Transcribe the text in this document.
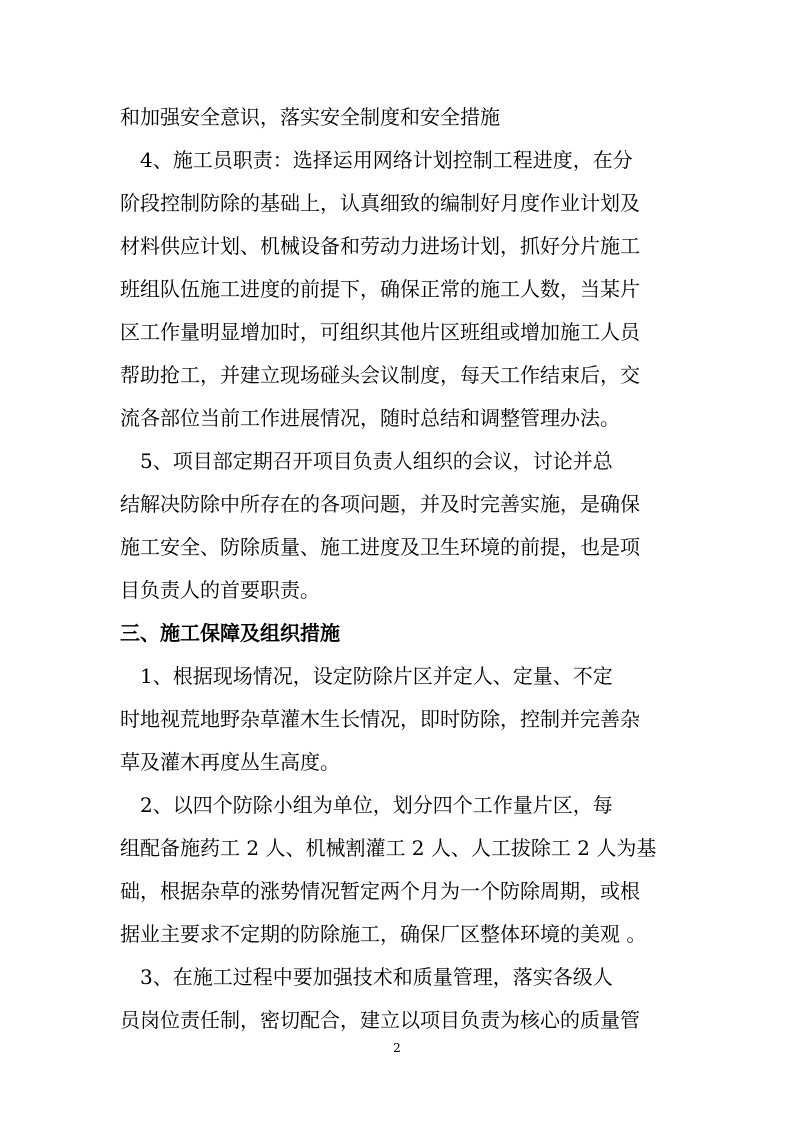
和加强安全意识，落实安全制度和安全措施
　4、施工员职责：选择运用网络计划控制工程进度，在分
阶段控制防除的基础上，认真细致的编制好月度作业计划及
材料供应计划、机械设备和劳动力进场计划，抓好分片施工
班组队伍施工进度的前提下，确保正常的施工人数，当某片
区工作量明显增加时，可组织其他片区班组或增加施工人员
帮助抢工，并建立现场碰头会议制度，每天工作结束后，交
流各部位当前工作进展情况，随时总结和调整管理办法。
　5、项目部定期召开项目负责人组织的会议，讨论并总
结解决防除中所存在的各项问题，并及时完善实施，是确保
施工安全、防除质量、施工进度及卫生环境的前提，也是项
目负责人的首要职责。
三、施工保障及组织措施
　1、根据现场情况，设定防除片区并定人、定量、不定
时地视荒地野杂草灌木生长情况，即时防除，控制并完善杂
草及灌木再度丛生高度。
　2、以四个防除小组为单位，划分四个工作量片区，每
组配备施药工 2 人、机械割灌工 2 人、人工拔除工 2 人为基
础，根据杂草的涨势情况暂定两个月为一个防除周期，或根
据业主要求不定期的防除施工，确保厂区整体环境的美观 。
　3、在施工过程中要加强技术和质量管理，落实各级人
员岗位责任制，密切配合，建立以项目负责为核心的质量管
2
